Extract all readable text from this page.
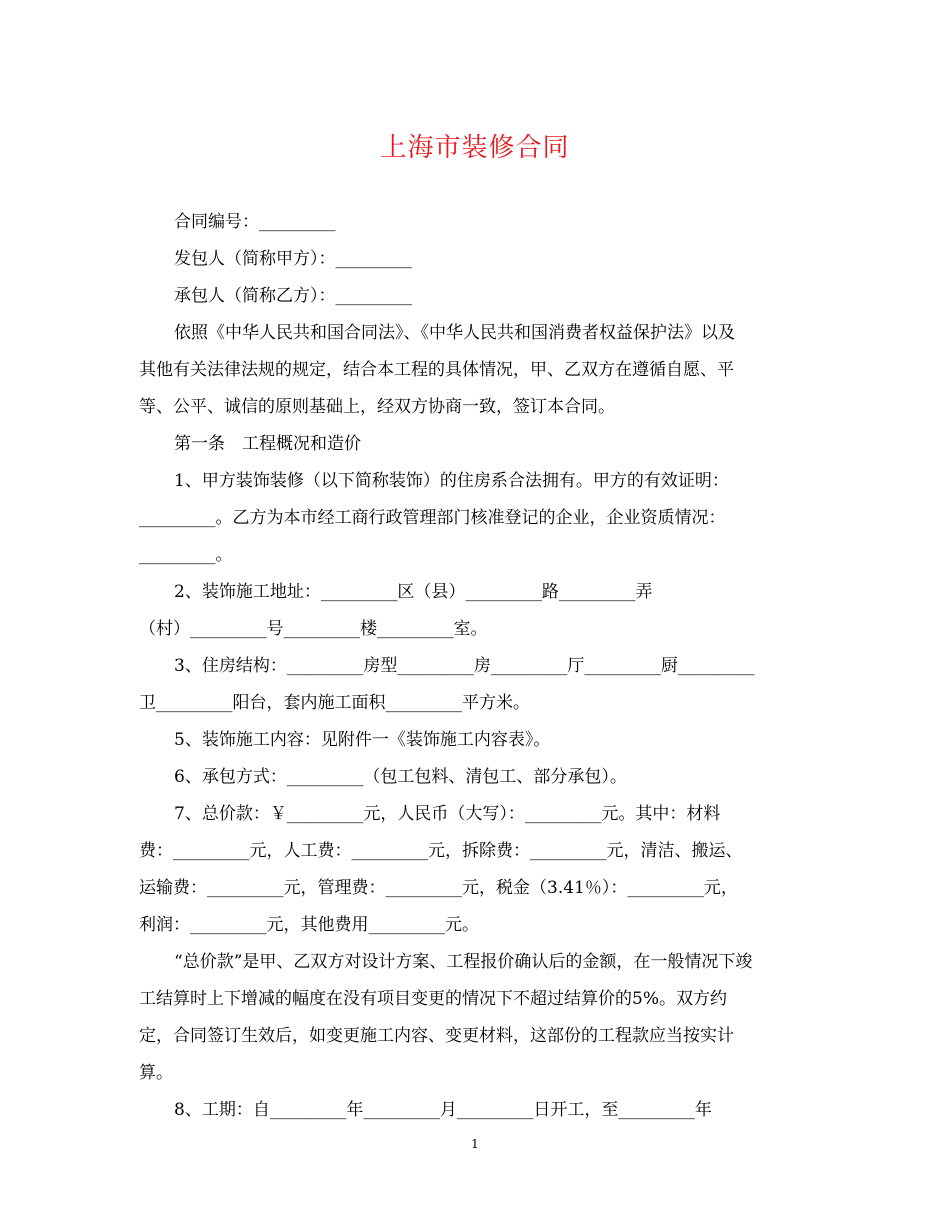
上海市装修合同
合同编号：_________
发包人（简称甲方）：_________
承包人（简称乙方）：_________
依照《中华人民共和国合同法》、《中华人民共和国消费者权益保护法》以及
其他有关法律法规的规定，结合本工程的具体情况，甲、乙双方在遵循自愿、平
等、公平、诚信的原则基础上，经双方协商一致，签订本合同。
第一条　工程概况和造价
1、甲方装饰装修（以下简称装饰）的住房系合法拥有。甲方的有效证明：
_________。乙方为本市经工商行政管理部门核准登记的企业，企业资质情况：
_________。
2、装饰施工地址：_________区（县）_________路_________弄
（村）_________号_________楼_________室。
3、住房结构：_________房型_________房_________厅_________厨_________
卫_________阳台，套内施工面积_________平方米。
5、装饰施工内容：见附件一《装饰施工内容表》。
6、承包方式：_________（包工包料、清包工、部分承包）。
7、总价款：￥_________元，人民币（大写）：_________元。其中：材料
费：_________元，人工费：_________元，拆除费：_________元，清洁、搬运、
运输费：_________元，管理费：_________元，税金（3.41％）：_________元，
利润：_________元，其他费用_________元。
“总价款”是甲、乙双方对设计方案、工程报价确认后的金额，在一般情况下竣
工结算时上下增减的幅度在没有项目变更的情况下不超过结算价的5%。双方约
定，合同签订生效后，如变更施工内容、变更材料，这部份的工程款应当按实计
算。
8、工期：自_________年_________月_________日开工，至_________年
1
